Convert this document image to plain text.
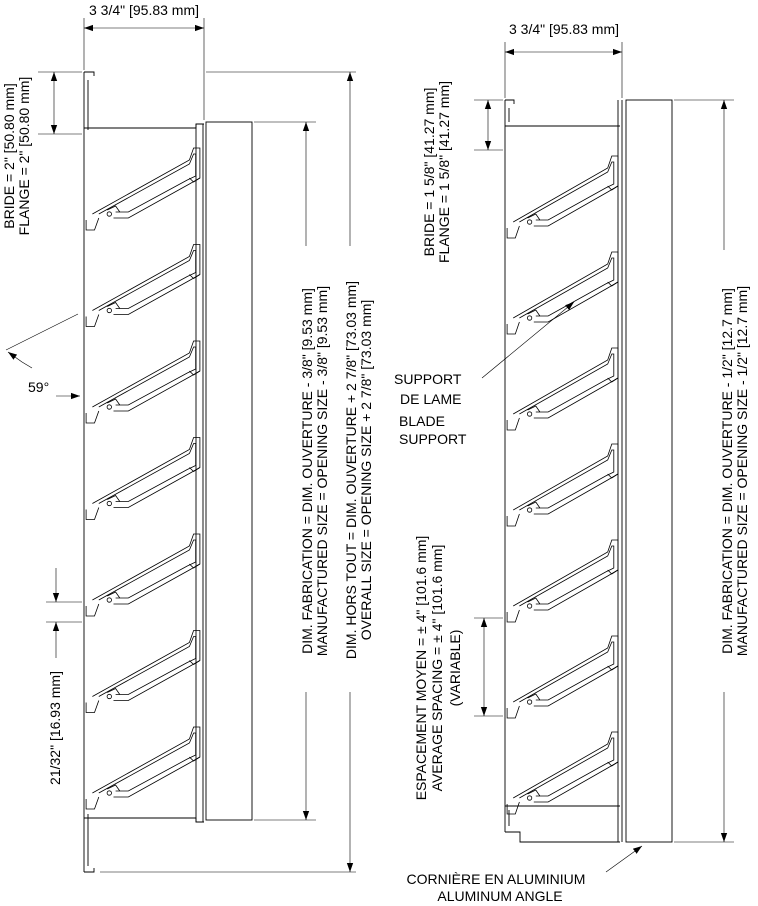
3 3/4" [95.83 mm]
BRIDE = 2" [50.80 mm] FLANGE = 2" [50.80 mm]
59°
21/32" [16.93 mm]
DIM. FABRICATION = DIM. OUVERTURE - 3/8" [9.53 mm] MANUFACTURED SIZE = OPENING SIZE - 3/8" [9.53 mm] DIM. HORS TOUT = DIM. OUVERTURE + 2 7/8" [73.03 mm] OVERALL SIZE = OPENING SIZE + 2 7/8" [73.03 mm]
3 3/4" [95.83 mm]
BRIDE = 1 5/8" [41.27 mm] FLANGE = 1 5/8" [41.27 mm]
SUPPORT
DE LAME
BLADE
SUPPORT
ESPACEMENT MOYEN = ± 4" [101.6 mm] AVERAGE SPACING = ± 4" [101.6 mm] (VARIABLE)
DIM. FABRICATION = DIM. OUVERTURE - 1/2" [12.7 mm] MANUFACTURED SIZE = OPENING SIZE - 1/2" [12.7 mm]
CORNIÈRE EN ALUMINIUM
ALUMINUM ANGLE
